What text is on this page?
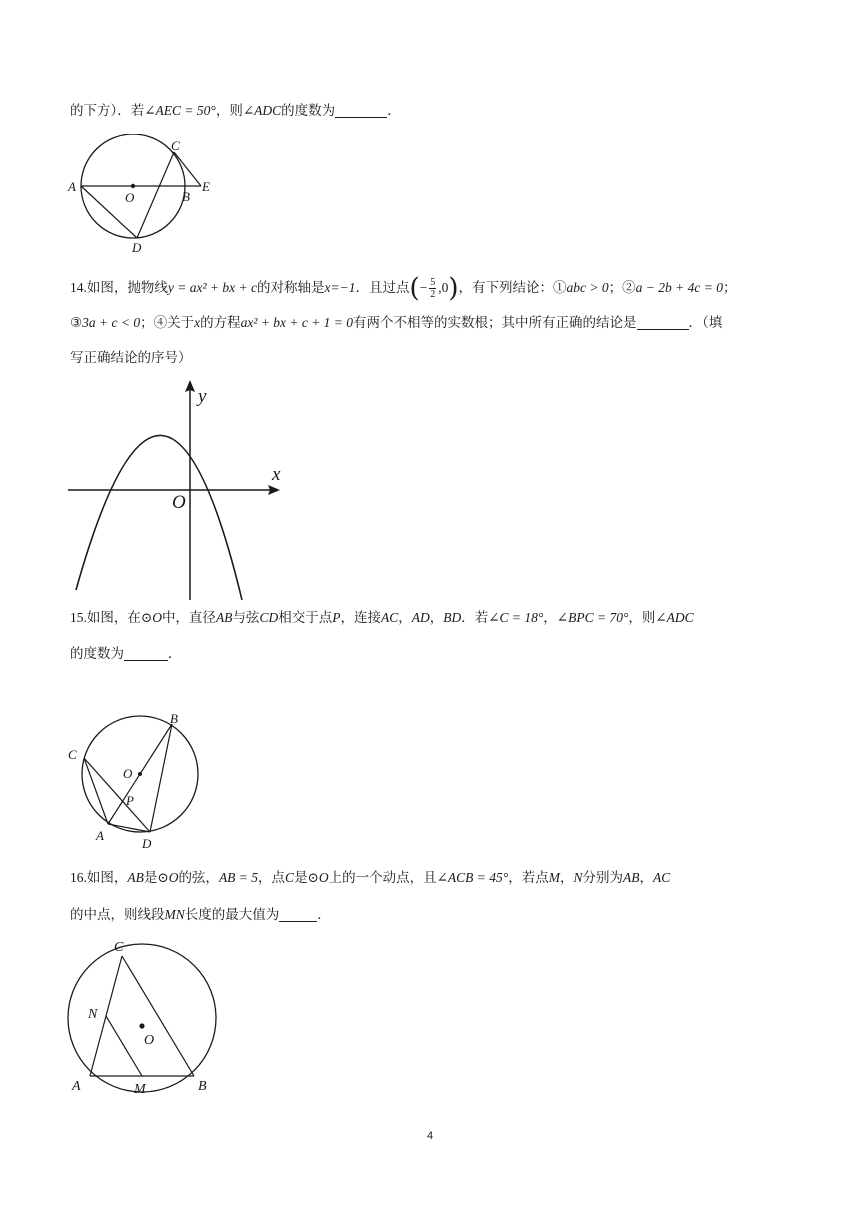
的下方）．若∠AEC = 50°，则∠ADC的度数为	．
A
O	B
C
E
D
14.如图，抛物线y = ax² + bx + c的对称轴是x=−1．且过点(− $\frac{5}{2} ,0$)，有下列结论：①abc > 0；②a − 2b + 4c = 0；
③3a + c < 0；④关于x的方程ax² + bx + c + 1 = 0有两个不相等的实数根；其中所有正确的结论是	．（填
写正确结论的序号）
y
x
O
15.如图，在⊙O中，直径AB与弦CD相交于点P，连接AC，AD，BD．若∠C = 18°，∠BPC = 70°，则∠ADC
的度数为	．
B
C
O
P
A
D
16.如图，AB是⊙O的弦，AB = 5，点C是⊙O上的一个动点，且∠ACB = 45°，若点M，N分别为AB，AC
的中点，则线段MN长度的最大值为	．
C
N
O
A	M	B
4
